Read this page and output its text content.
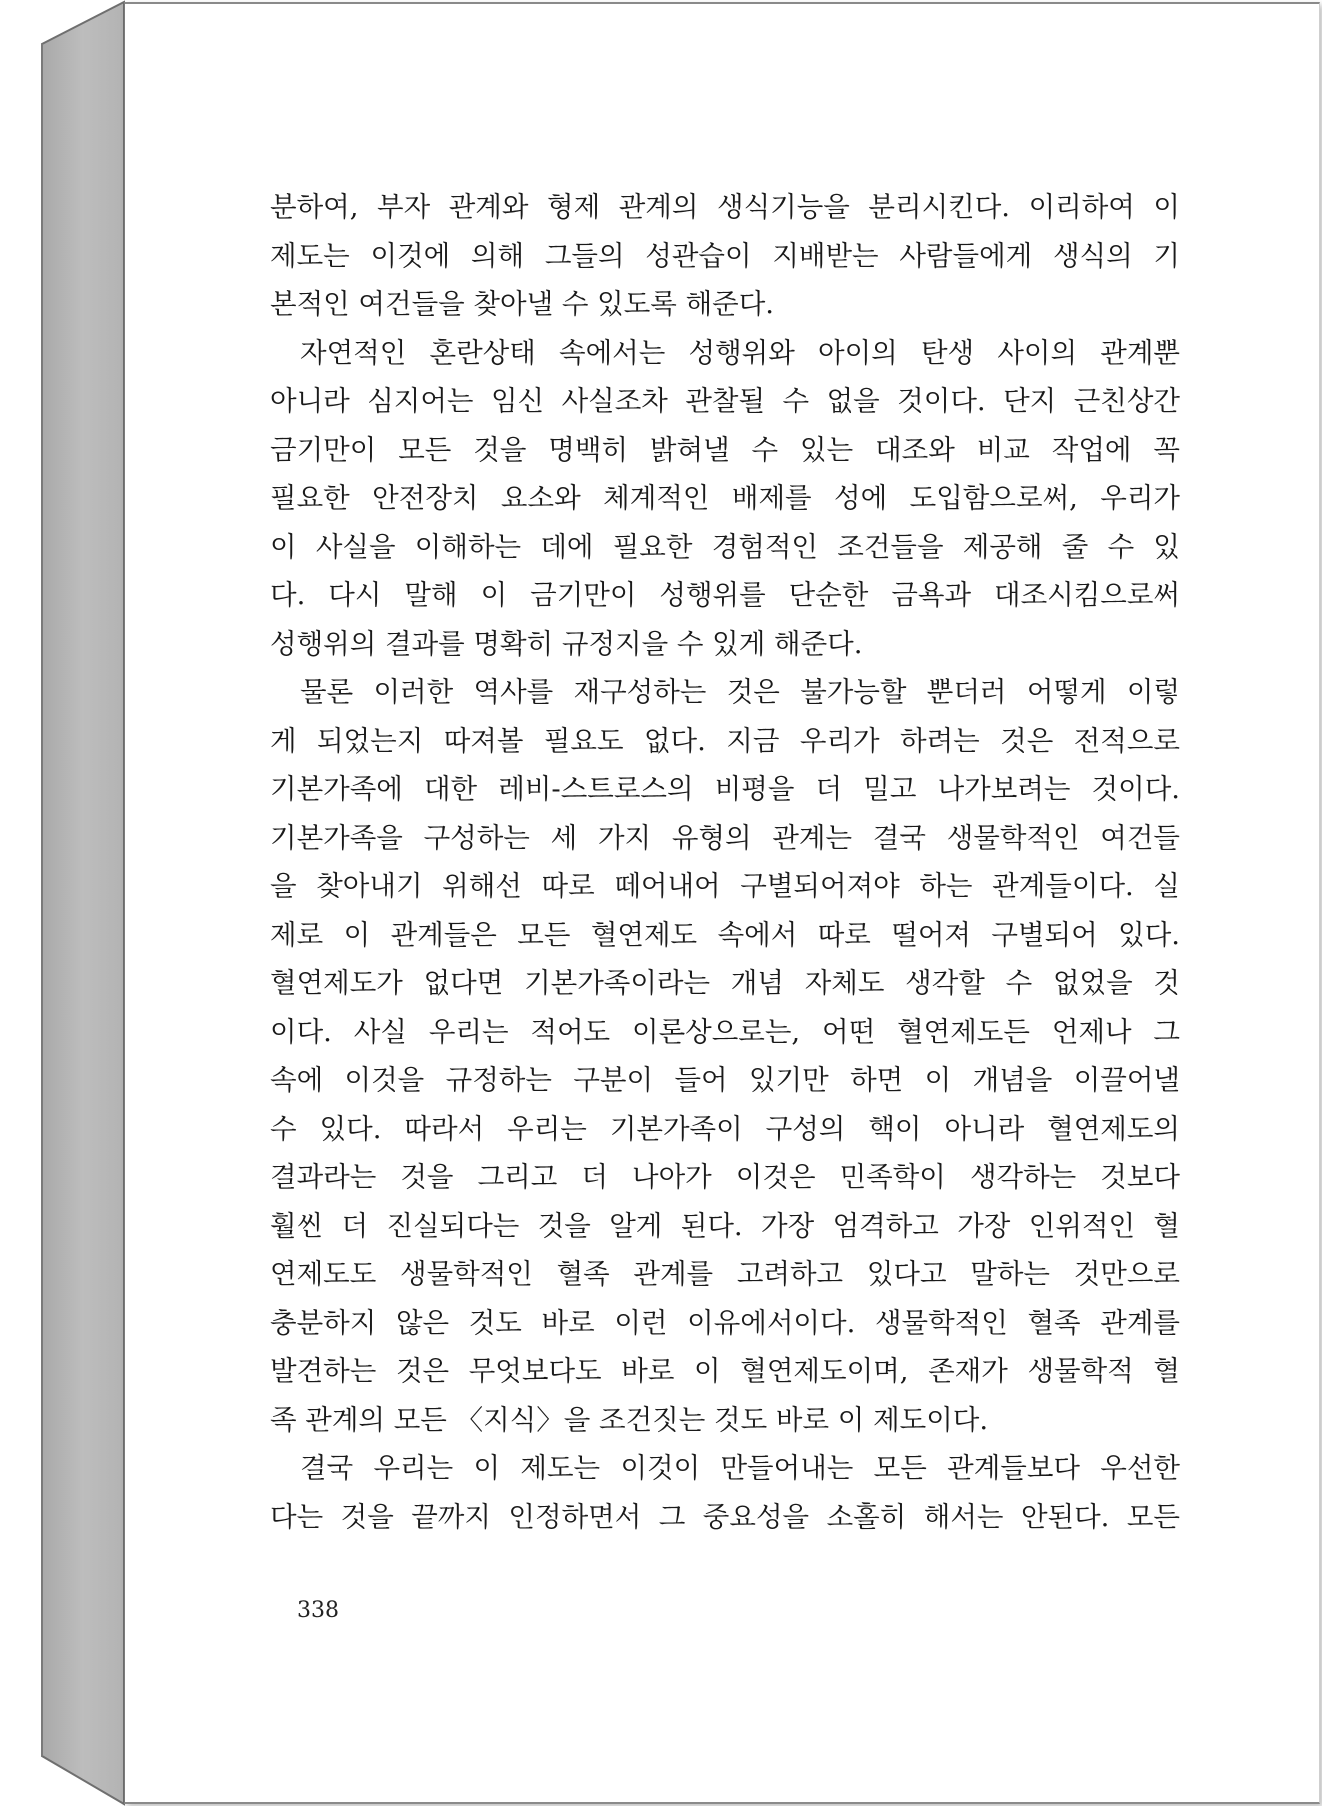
분하여, 부자 관계와 형제 관계의 생식기능을 분리시킨다. 이리하여 이
제도는 이것에 의해 그들의 성관습이 지배받는 사람들에게 생식의 기
본적인 여건들을 찾아낼 수 있도록 해준다.
자연적인 혼란상태 속에서는 성행위와 아이의 탄생 사이의 관계뿐
아니라 심지어는 임신 사실조차 관찰될 수 없을 것이다. 단지 근친상간
금기만이 모든 것을 명백히 밝혀낼 수 있는 대조와 비교 작업에 꼭
필요한 안전장치 요소와 체계적인 배제를 성에 도입함으로써, 우리가
이 사실을 이해하는 데에 필요한 경험적인 조건들을 제공해 줄 수 있
다. 다시 말해 이 금기만이 성행위를 단순한 금욕과 대조시킴으로써
성행위의 결과를 명확히 규정지을 수 있게 해준다.
물론 이러한 역사를 재구성하는 것은 불가능할 뿐더러 어떻게 이렇
게 되었는지 따져볼 필요도 없다. 지금 우리가 하려는 것은 전적으로
기본가족에 대한 레비-스트로스의 비평을 더 밀고 나가보려는 것이다.
기본가족을 구성하는 세 가지 유형의 관계는 결국 생물학적인 여건들
을 찾아내기 위해선 따로 떼어내어 구별되어져야 하는 관계들이다. 실
제로 이 관계들은 모든 혈연제도 속에서 따로 떨어져 구별되어 있다.
혈연제도가 없다면 기본가족이라는 개념 자체도 생각할 수 없었을 것
이다. 사실 우리는 적어도 이론상으로는, 어떤 혈연제도든 언제나 그
속에 이것을 규정하는 구분이 들어 있기만 하면 이 개념을 이끌어낼
수 있다. 따라서 우리는 기본가족이 구성의 핵이 아니라 혈연제도의
결과라는 것을 그리고 더 나아가 이것은 민족학이 생각하는 것보다
훨씬 더 진실되다는 것을 알게 된다. 가장 엄격하고 가장 인위적인 혈
연제도도 생물학적인 혈족 관계를 고려하고 있다고 말하는 것만으로
충분하지 않은 것도 바로 이런 이유에서이다. 생물학적인 혈족 관계를
발견하는 것은 무엇보다도 바로 이 혈연제도이며, 존재가 생물학적 혈
족 관계의 모든 〈지식〉을 조건짓는 것도 바로 이 제도이다.
결국 우리는 이 제도는 이것이 만들어내는 모든 관계들보다 우선한
다는 것을 끝까지 인정하면서 그 중요성을 소홀히 해서는 안된다. 모든
338
